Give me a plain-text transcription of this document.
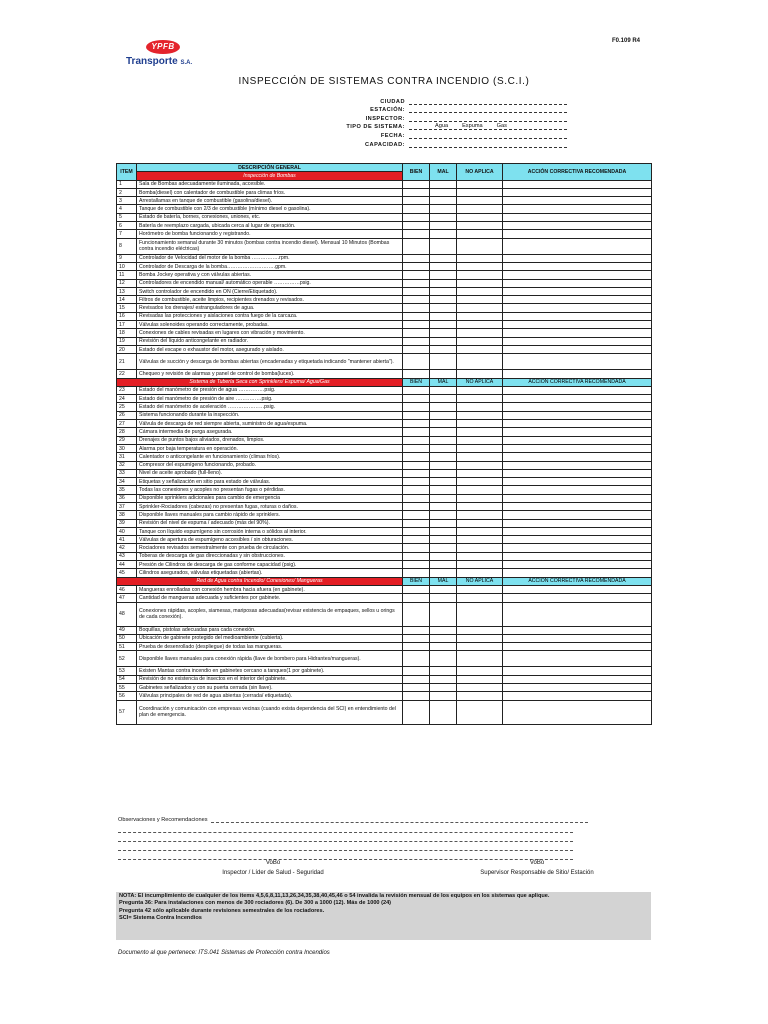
F0.109 R4
YPFB
Transporte S.A.
INSPECCIÓN DE SISTEMAS CONTRA INCENDIO (S.C.I.)
CIUDAD
ESTACIÓN:
INSPECTOR:
TIPO DE SISTEMA:	Agua	Espuma	Gas
FECHA:
CAPACIDAD:
ITEM	DESCRIPCIÓN GENERAL	BIEN	MAL	NO APLICA	ACCIÓN CORRECTIVA RECOMENDADA
	Inspección de Bombas				
1	Sala de Bombas adecuadamente iluminada, accesible.				
2	Bomba(diesel) con calentador de combustible para climas fríos.				
3	Arrestallamas en tanque de combustible (gasolina/diesel).				
4	Tanque de combustible con 2/3 de combustible (mínimo diesel o gasolina).				
5	Estado de batería, bornes, conexiones, uniones, etc.				
6	Batería de reemplazo cargada, ubicada cerca al lugar de operación.				
7	Horómetro de bomba funcionando y registrando.				
8	Funcionamiento semanal durante 30 minutos (bombas contra incendio diesel). Mensual 10 Minutos (Bombas contra incendio eléctricas)				
9	Controlador de Velocidad del motor de la bomba …………….rpm.				
10	Controlador de Descarga de la bomba……………………….gpm.				
11	Bomba Jockey operativa y con válvulas abiertas.				
12	Controladores de encendido manual/ automático operable ……………psig.				
13	Switch controlador de encendido en ON (Cierre/Etiquetado).				
14	Filtros de combustible, aceite limpios, recipientes drenados y revisados.				
15	Revisados los drenajes/ estranguladores de agua.				
16	Revisadas las protecciones y aislaciones contra fuego de la carcaza.				
17	Válvulas solenoides operando correctamente, probadas.				
18	Conexiones de cables revisadas en lugares con vibración y movimiento.				
19	Revisión del líquido anticongelante en radiador.				
20	Estado del escape o exhaustor del motor, asegurado y aislado.				
21	Válvulas de succión y descarga de bombas abiertas (encadenadas y etiquetada indicando "mantener abierta").				
22	Chequeo y revisión de alarmas y panel de control de bomba(luces).				
Sistema de Tubería Seca con Sprinklers/ Espuma/ Agua/Gas		BIEN	MAL	NO APLICA	ACCIÓN CORRECTIVA RECOMENDADA
23	Estado del manómetro de presión de agua ……………psig.				
24	Estado del manómetro de presión de aire ……………psig.				
25	Estado del manómetro de aceleración …………………psig.				
26	Sistema funcionando durante la inspección.				
27	Válvula de descarga de red siempre abierta, suministro de agua/espuma.				
28	Cámara intermedia de purga asegurada.				
29	Drenajes de puntos bajos aliviados, drenados, limpios.				
30	Alarma por baja temperatura en operación.				
31	Calentador o anticongelante en funcionamiento (climas fríos).				
32	Compresor del espumígeno funcionando, probado.				
33	Nivel de aceite aprobado (full-lleno).				
34	Etiquetas y señalización en sitio para estado de válvulas.				
35	Todas las conexiones y acoples no presentan fugas o pérdidas.				
36	Disponible sprinklers adicionales para cambio de emergencia				
37	Sprinkler-Rociadores (cabezas) no presentan fugas, roturas o daños.				
38	Disponible llaves manuales para cambio rápido de sprinklers.				
39	Revisión del nivel de espuma / adecuado (más del 90%).				
40	Tanque con líquido espumígeno sin corrosión interna o sólidos al interior.				
41	Válvulas de apertura de espumígeno accesibles / sin obturaciones.				
42	Rociadores revisados semestralmente con prueba de circulación.				
43	Toberas de descarga de gas direccionadas y sin obstrucciones.				
44	Presión de Cilindros de descarga de gas conforme capacidad (psig).				
45	Cilindros asegurados, válvulas etiquetadas (abiertas).				
Red de Agua contra Incendio/ Conexiones/ Mangueras		BIEN	MAL	NO APLICA	ACCIÓN CORRECTIVA RECOMENDADA
46	Mangueras enrolladas con conexión hembra hacia afuera (en gabinete).				
47	Cantidad de mangueras adecuada y suficientes por gabinete.				
48	Conexiones rápidas, acoples, siamesas, mariposas adecuadas(revisar existencia de empaques, sellos u orings de cada conexión).				
49	Boquillas, pistolas adecuadas para cada conexión.				
50	Ubicación de gabinete protegido del medioambiente (cubierta).				
51	Prueba de desenrollado (despliegue) de todas las mangueras.				
52	Disponible llaves manuales para conexión rápida (llave de bombero para Hidrantes/mangueras).				
53	Existen Mantas contra incendio en gabinetes cercano a tanques(1 por gabinete).				
54	Revisión de no existencia de insectos en el interior del gabinete.				
55	Gabinetes señalizados y con su puerta cerrada (sin llave).				
56	Válvulas principales de red de agua abiertas (cerrada/ etiquetada).				
57	Coordinación y comunicación con empresas vecinas (cuando exista dependencia del SCI) en entendimiento del plan de emergencia.				
Observaciones y Recomendaciones
VoBo
Inspector / Líder de Salud - Seguridad
VoBo
Supervisor Responsable de Sitio/ Estación

NOTA: El incumplimiento de cualquier de los items 4,5,6,8,11,13,26,34,35,38,40,45,46 o 54 invalida la revisión mensual de los equipos en los sistemas que aplique.

Pregunta 36: Para instalaciones con menos de 300 rociadores (6). De 300 a 1000 (12). Más de 1000 (24)

Pregunta 42 sólo aplicable durante revisiones semestrales de los rociadores.

SCI= Sistema Contra Incendios

Documento al que pertenece: ITS.041 Sistemas de Protección contra Incendios
